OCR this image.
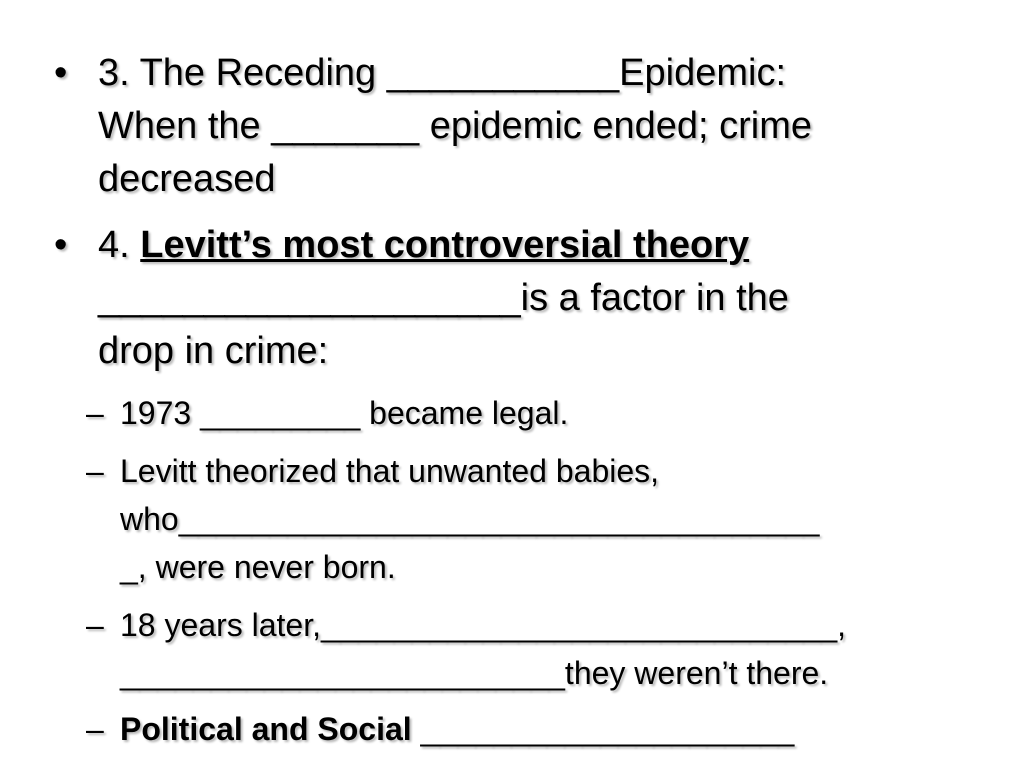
• 3. The Receding ___________Epidemic:
When the _______ epidemic ended; crime
decreased
• 4. Levitt’s most controversial theory
____________________is a factor in the
drop in crime:
– 1973 _________ became legal.
– Levitt theorized that unwanted babies,
who____________________________________
_, were never born.
– 18 years later,_____________________________,
_________________________they weren’t there.
– Political and Social _____________________
